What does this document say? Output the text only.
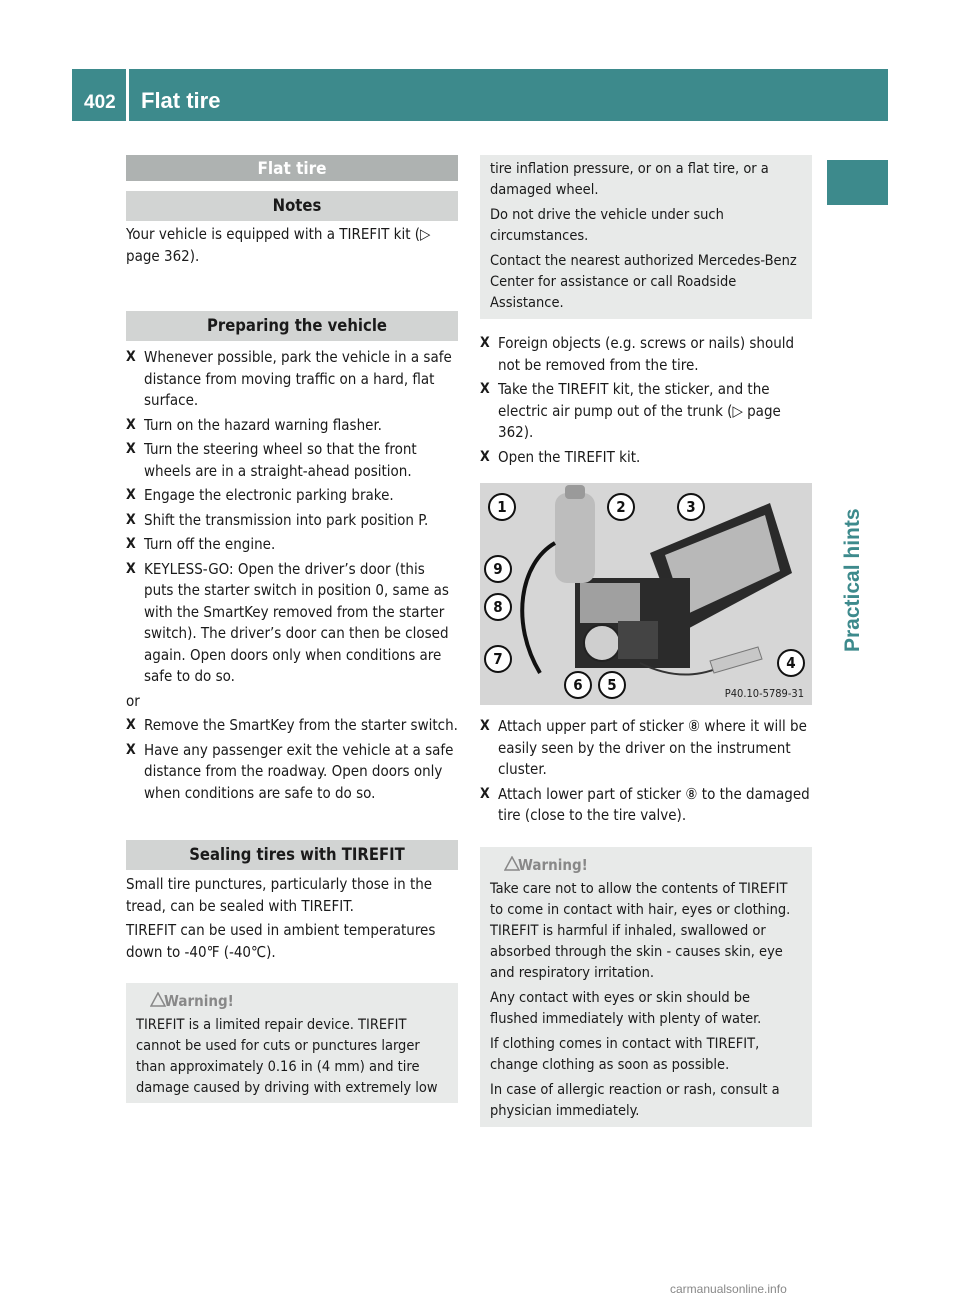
402 Flat tire
Practical hints
Flat tire
Notes

Your vehicle is equipped with a TIREFIT kit (▷ page 362).

Preparing the vehicle
X Whenever possible, park the vehicle in a safe distance from moving traffic on a hard, flat surface.
X Turn on the hazard warning flasher.
X Turn the steering wheel so that the front wheels are in a straight-ahead position.
X Engage the electronic parking brake.
X Shift the transmission into park position P.
X Turn off the engine.
X KEYLESS-GO: Open the driver’s door (this puts the starter switch in position 0, same as with the SmartKey removed from the starter switch). The driver’s door can then be closed again. Open doors only when conditions are safe to do so.

or

X Remove the SmartKey from the starter switch.
X Have any passenger exit the vehicle at a safe distance from the roadway. Open doors only when conditions are safe to do so.
Sealing tires with TIREFIT

Small tire punctures, particularly those in the tread, can be sealed with TIREFIT.

TIREFIT can be used in ambient temperatures down to -40℉ (-40℃).

Warning!
TIREFIT is a limited repair device. TIREFIT cannot be used for cuts or punctures larger than approximately 0.16 in (4 mm) and tire damage caused by driving with extremely low
tire inflation pressure, or on a flat tire, or a damaged wheel.
Do not drive the vehicle under such circumstances.
Contact the nearest authorized Mercedes-Benz Center for assistance or call Roadside Assistance.
X Foreign objects (e.g. screws or nails) should not be removed from the tire.
X Take the TIREFIT kit, the sticker, and the electric air pump out of the trunk (▷ page 362).
X Open the TIREFIT kit.
1	2	3
4
5
6
7
8
9
P40.10-5789-31
X Attach upper part of sticker ⑧ where it will be easily seen by the driver on the instrument cluster.
X Attach lower part of sticker ⑧ to the damaged tire (close to the tire valve).
Warning!
Take care not to allow the contents of TIREFIT to come in contact with hair, eyes or clothing. TIREFIT is harmful if inhaled, swallowed or absorbed through the skin - causes skin, eye and respiratory irritation.
Any contact with eyes or skin should be flushed immediately with plenty of water.
If clothing comes in contact with TIREFIT, change clothing as soon as possible.
In case of allergic reaction or rash, consult a physician immediately.
carmanualsonline.info
